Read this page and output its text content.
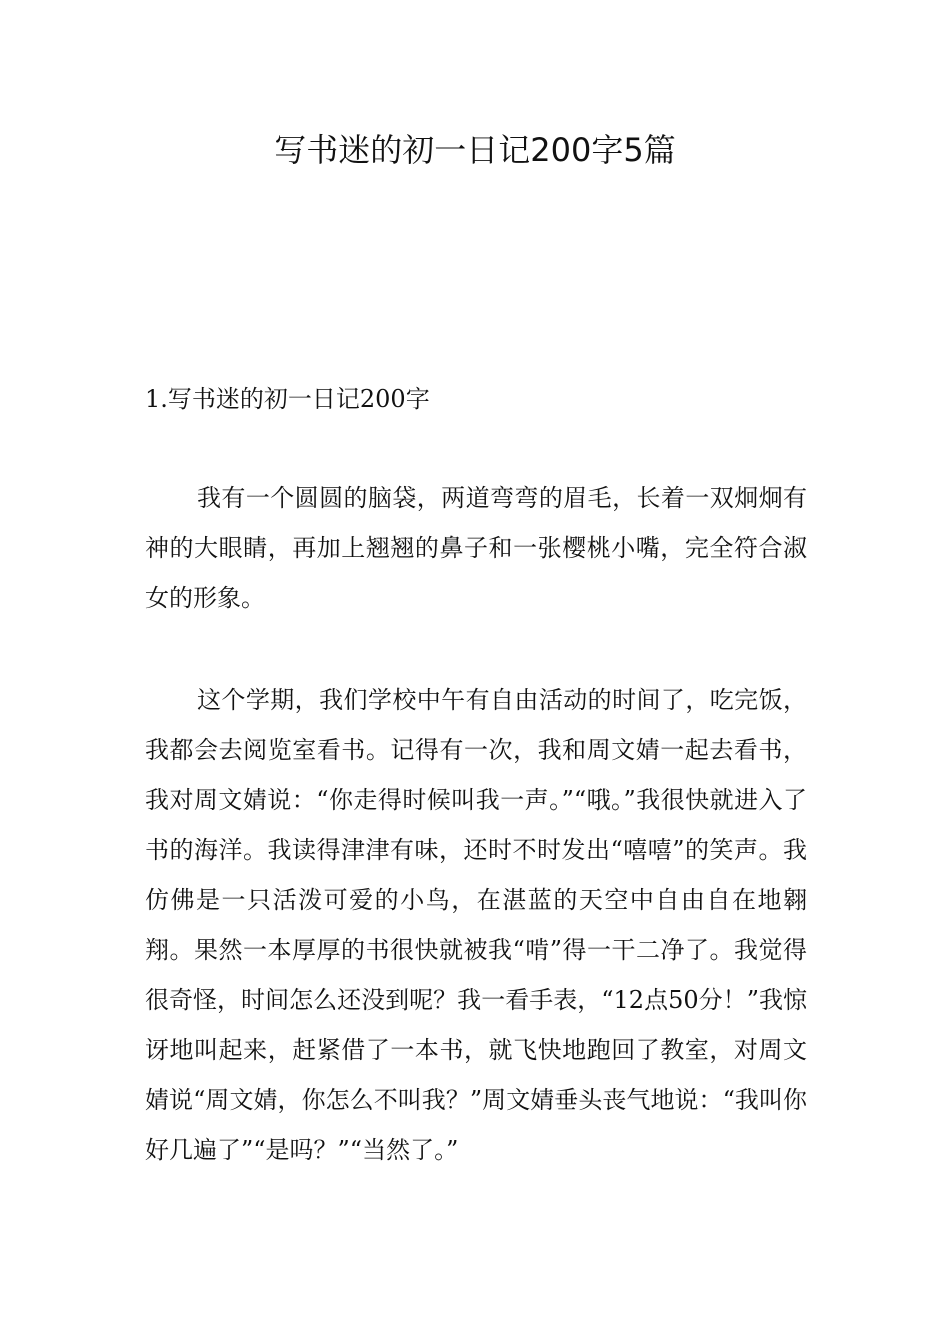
写书迷的初一日记200字5篇
1.写书迷的初一日记200字

我有一个圆圆的脑袋，两道弯弯的眉毛，长着一双炯炯有神的大眼睛，再加上翘翘的鼻子和一张樱桃小嘴，完全符合淑女的形象。

这个学期，我们学校中午有自由活动的时间了，吃完饭，我都会去阅览室看书。记得有一次，我和周文婧一起去看书，我对周文婧说：“你走得时候叫我一声。”“哦。”我很快就进入了书的海洋。我读得津津有味，还时不时发出“嘻嘻”的笑声。我仿佛是一只活泼可爱的小鸟，在湛蓝的天空中自由自在地翱翔。果然一本厚厚的书很快就被我“啃”得一干二净了。我觉得很奇怪，时间怎么还没到呢？我一看手表，“12点50分！”我惊讶地叫起来，赶紧借了一本书，就飞快地跑回了教室，对周文婧说“周文婧，你怎么不叫我？”周文婧垂头丧气地说：“我叫你好几遍了”“是吗？”“当然了。”
